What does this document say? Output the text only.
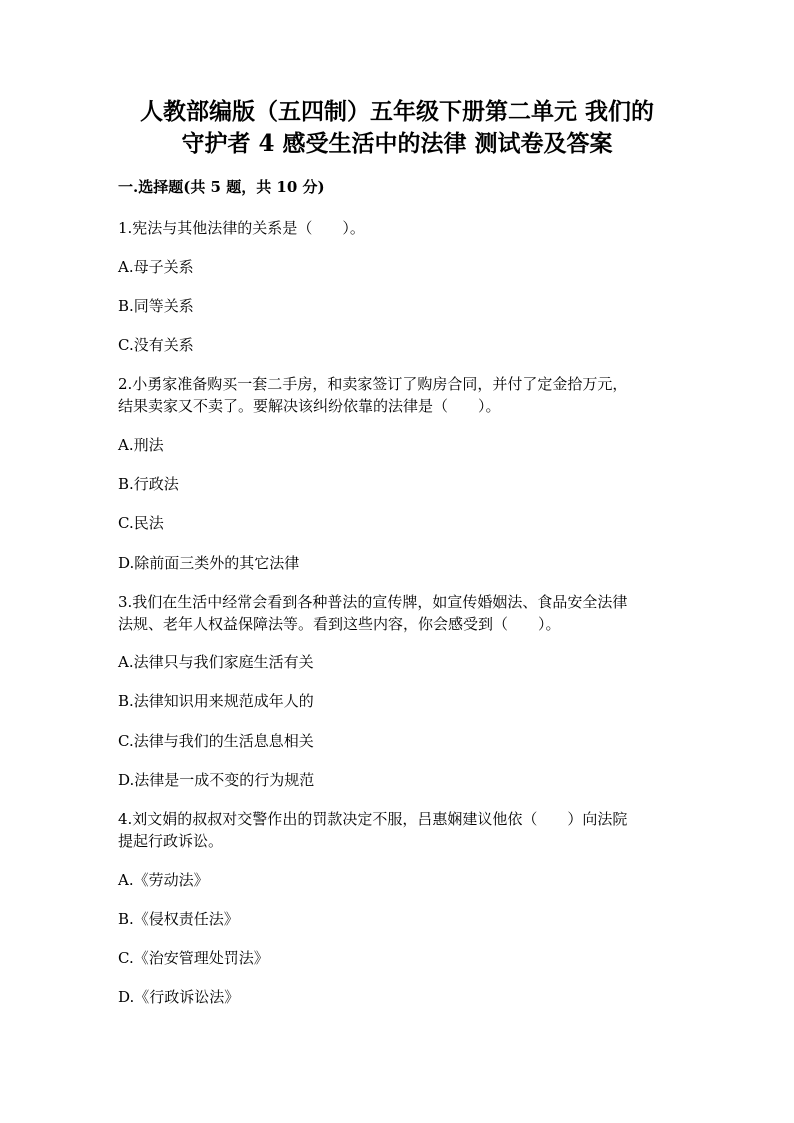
人教部编版（五四制）五年级下册第二单元 我们的
守护者 4 感受生活中的法律 测试卷及答案
一.选择题(共 5 题，共 10 分)
1.宪法与其他法律的关系是（　　）。
A.母子关系
B.同等关系
C.没有关系
2.小勇家准备购买一套二手房，和卖家签订了购房合同，并付了定金拾万元，
结果卖家又不卖了。要解决该纠纷依靠的法律是（　　）。
A.刑法
B.行政法
C.民法
D.除前面三类外的其它法律
3.我们在生活中经常会看到各种普法的宣传牌，如宣传婚姻法、食品安全法律
法规、老年人权益保障法等。看到这些内容，你会感受到（　　）。
A.法律只与我们家庭生活有关
B.法律知识用来规范成年人的
C.法律与我们的生活息息相关
D.法律是一成不变的行为规范
4.刘文娟的叔叔对交警作出的罚款决定不服，吕惠娴建议他依（　　）向法院
提起行政诉讼。
A.《劳动法》
B.《侵权责任法》
C.《治安管理处罚法》
D.《行政诉讼法》
